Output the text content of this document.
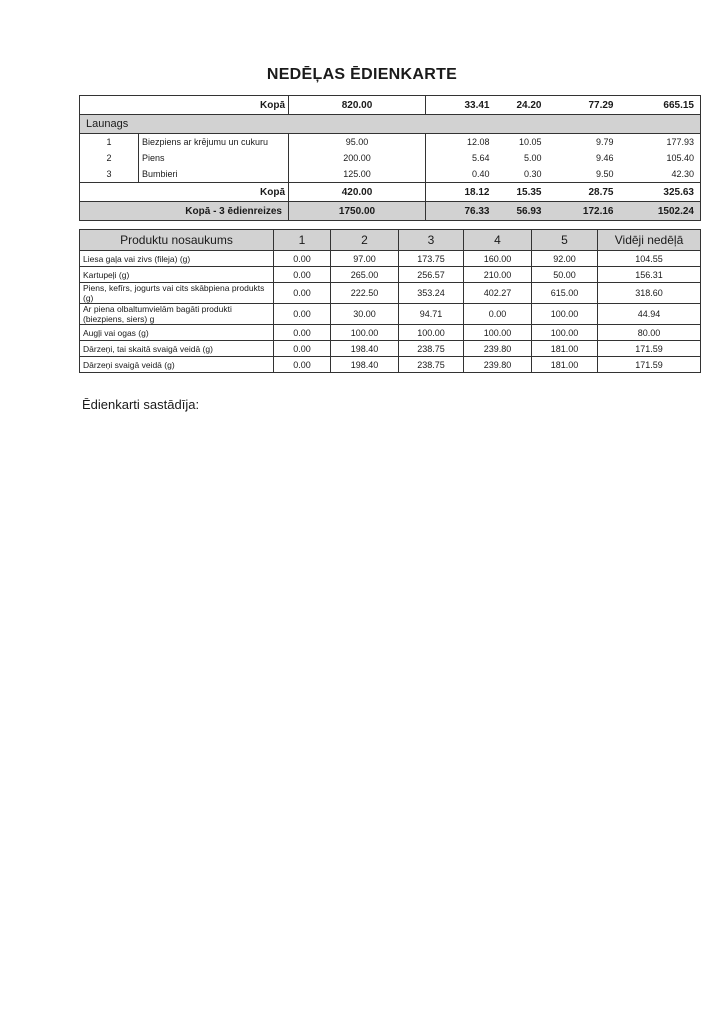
NEDĒĻAS ĒDIENKARTE
Kopā		820.00	33.41	24.20	77.29	665.15
Launags						
1	Biezpiens ar krējumu un cukuru	95.00	12.08	10.05	9.79	177.93
2	Piens	200.00	5.64	5.00	9.46	105.40
3	Bumbieri	125.00	0.40	0.30	9.50	42.30
Kopā		420.00	18.12	15.35	28.75	325.63
Kopā - 3 ēdienreizes		1750.00	76.33	56.93	172.16	1502.24
Produktu nosaukums	1	2	3	4	5	Vidēji nedēļā
Liesa gaļa vai zivs (fileja) (g)	0.00	97.00	173.75	160.00	92.00	104.55
Kartupeļi (g)	0.00	265.00	256.57	210.00	50.00	156.31
Piens, kefīrs, jogurts vai cits skābpiena produkts (g)	0.00	222.50	353.24	402.27	615.00	318.60
Ar piena olbaltumvielām bagāti produkti (biezpiens, siers) g	0.00	30.00	94.71	0.00	100.00	44.94
Augļi vai ogas (g)	0.00	100.00	100.00	100.00	100.00	80.00
Dārzeņi, tai skaitā svaigā veidā (g)	0.00	198.40	238.75	239.80	181.00	171.59
Dārzeņi svaigā veidā (g)	0.00	198.40	238.75	239.80	181.00	171.59
Ēdienkarti sastādīja:
